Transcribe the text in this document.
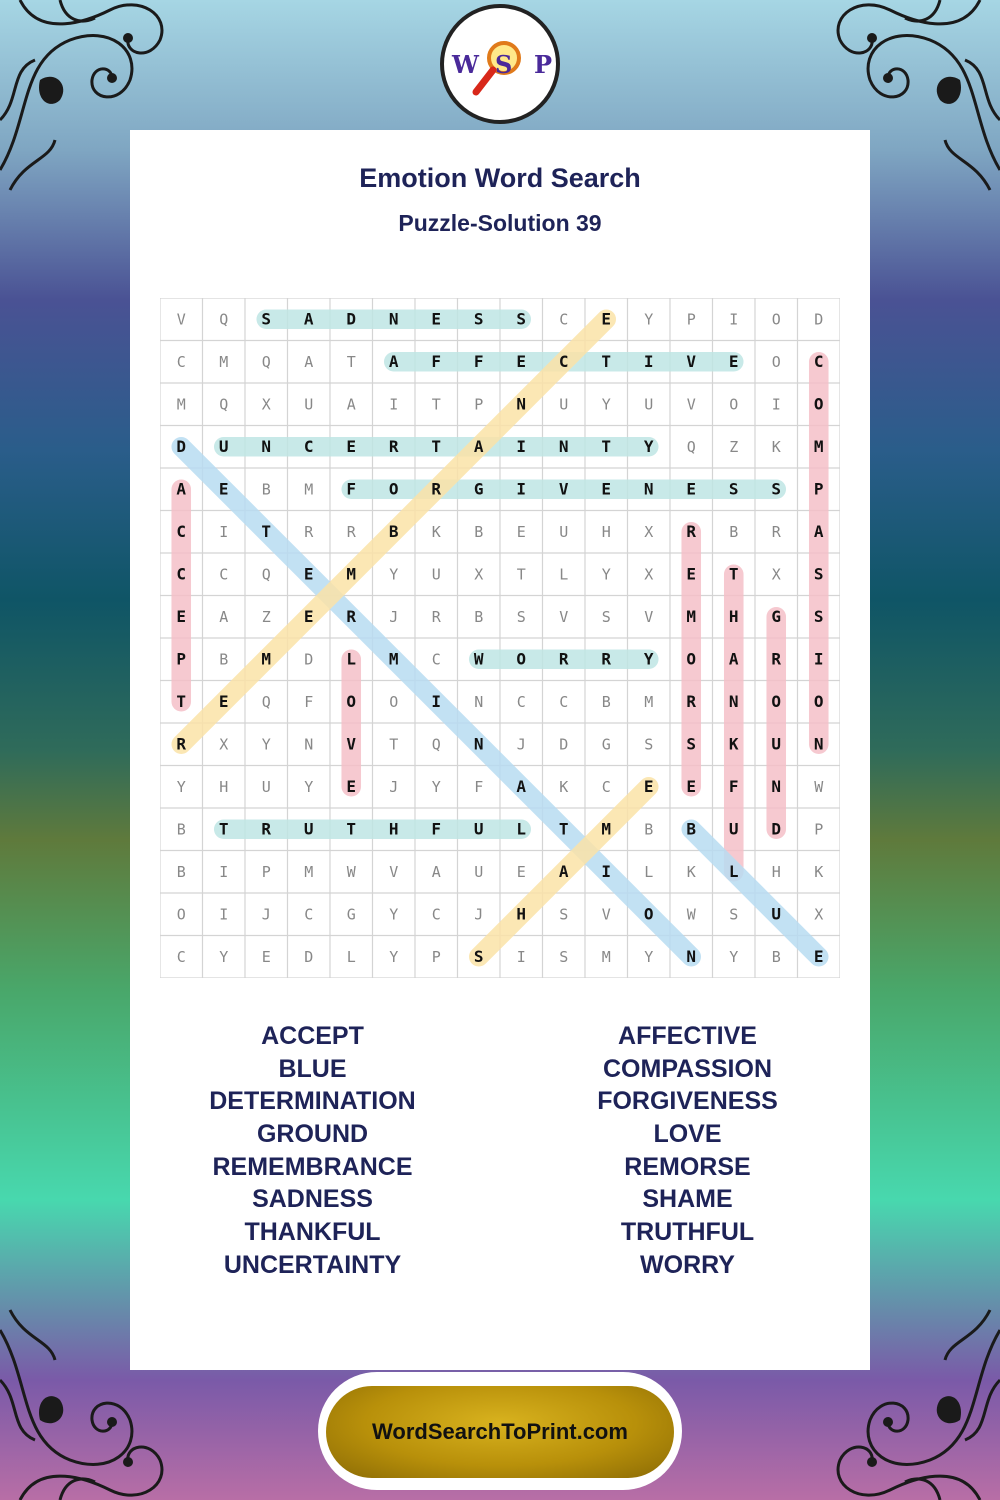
W S P
Emotion Word Search
Puzzle-Solution 39
V Q S A D N E S S C E Y P I O D
C M Q A T A F F E C T I V E O C
M Q X U A I T P N U Y U V O I O
D U N C E R T A I N T Y Q Z K M
A E B M F O R G I V E N E S S P
C I T R R B K B E U H X R B R A
C C Q E M Y U X T L Y X E T X S
E A Z E R J R B S V S V M H G S
P B M D L M C W O R R Y O A R I
T E Q F O O I N C C B M R N O O
R X Y N V T Q N J D G S S K U N
Y H U Y E J Y F A K C E E F N W
B T R U T H F U L T M B B U D P
B I P M W V A U E A I L K L H K
O I J C G Y C J H S V O W S U X
C Y E D L Y P S I S M Y N Y B E
ACCEPT
BLUE
DETERMINATION
GROUND
REMEMBRANCE
SADNESS
THANKFUL
UNCERTAINTY
AFFECTIVE
COMPASSION
FORGIVENESS
LOVE
REMORSE
SHAME
TRUTHFUL
WORRY
WordSearchToPrint.com
